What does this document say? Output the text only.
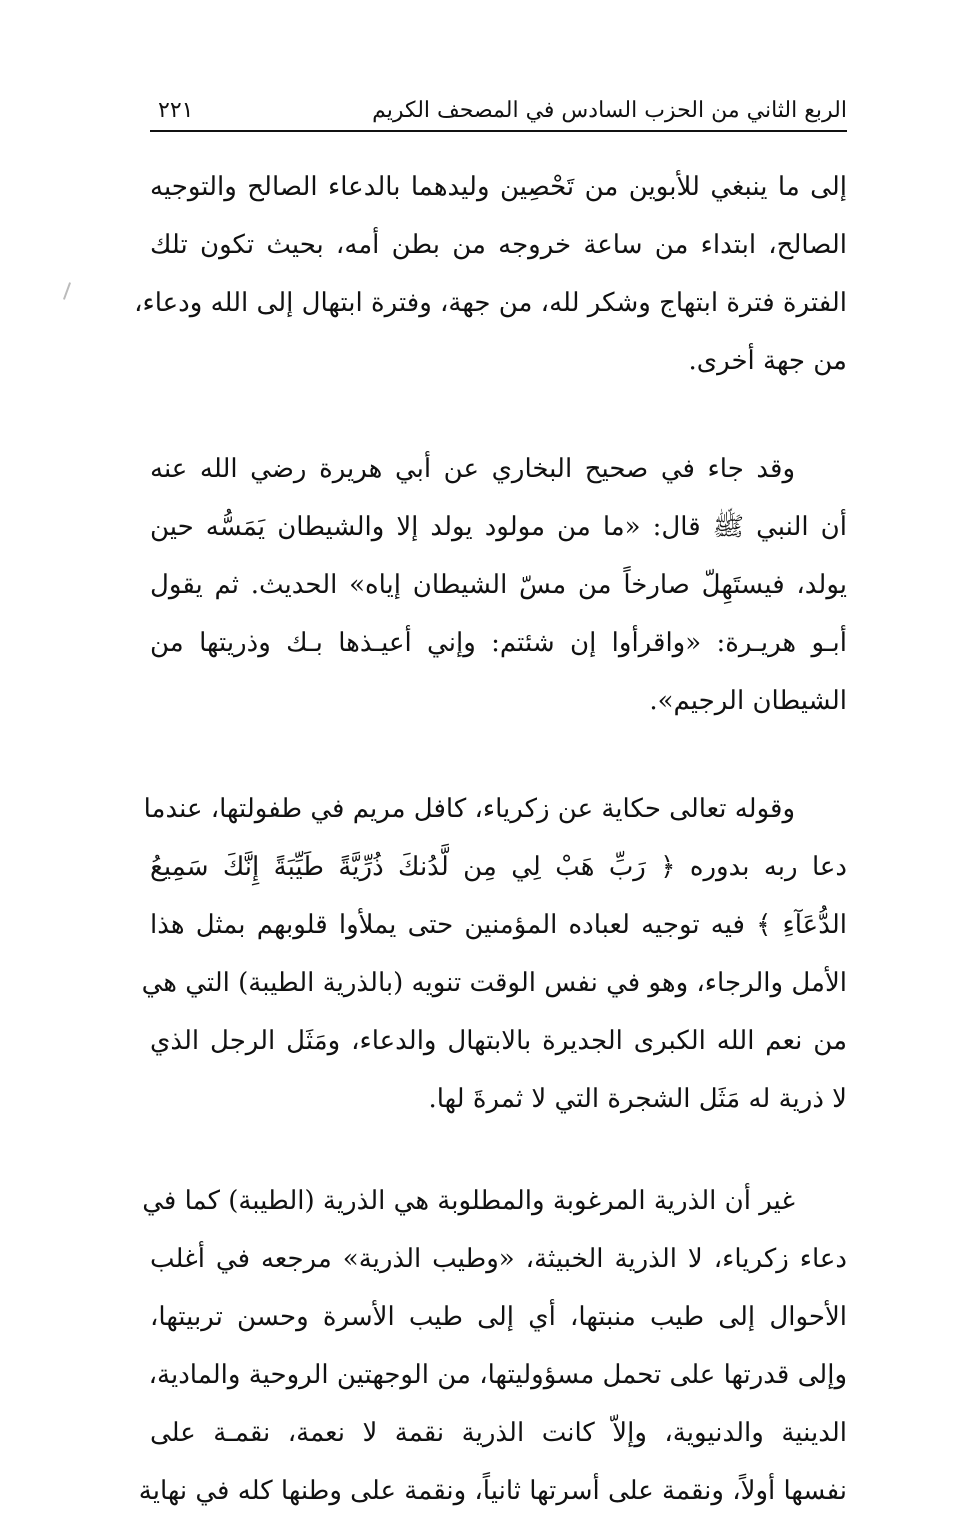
الربع الثاني من الحزب السادس في المصحف الكريم
٢٢١
إلى ما ينبغي للأبوين من تَحْصِين وليدهما بالدعاء الصالح والتوجيه
الصالح، ابتداء من ساعة خروجه من بطن أمه، بحيث تكون تلك
الفترة فترة ابتهاج وشكر لله، من جهة، وفترة ابتهال إلى الله ودعاء،
من جهة أخرى.
وقد جاء في صحيح البخاري عن أبي هريرة رضي الله عنه
أن النبي ﷺ قال: «ما من مولود يولد إلا والشيطان يَمَسُّه حين
يولد، فيستَهِلّ صارخاً من مسّ الشيطان إياه» الحديث. ثم يقول
أبـو هريـرة: «واقرأوا إن شئتم: وإني أعيـذها بـك وذريتها من
الشيطان الرجيم».
وقوله تعالى حكاية عن زكرياء، كافل مريم في طفولتها، عندما
دعا ربه بدوره ﴿ رَبِّ هَبْ لِي مِن لَّدُنكَ ذُرِّيَّةً طَيِّبَةً إِنَّكَ سَمِيعُ
الدُّعَآءِ ﴾ فيه توجيه لعباده المؤمنين حتى يملأوا قلوبهم بمثل هذا
الأمل والرجاء، وهو في نفس الوقت تنويه (بالذرية الطيبة) التي هي
من نعم الله الكبرى الجديرة بالابتهال والدعاء، ومَثَل الرجل الذي
لا ذرية له مَثَل الشجرة التي لا ثمرةَ لها.
غير أن الذرية المرغوبة والمطلوبة هي الذرية (الطيبة) كما في
دعاء زكرياء، لا الذرية الخبيثة، «وطيب الذرية» مرجعه في أغلب
الأحوال إلى طيب منبتها، أي إلى طيب الأسرة وحسن تربيتها،
وإلى قدرتها على تحمل مسؤوليتها، من الوجهتين الروحية والمادية،
الدينية والدنيوية، وإلاّ كانت الذرية نقمة لا نعمة، نقمـة على
نفسها أولاً، ونقمة على أسرتها ثانياً، ونقمة على وطنها كله في نهاية
